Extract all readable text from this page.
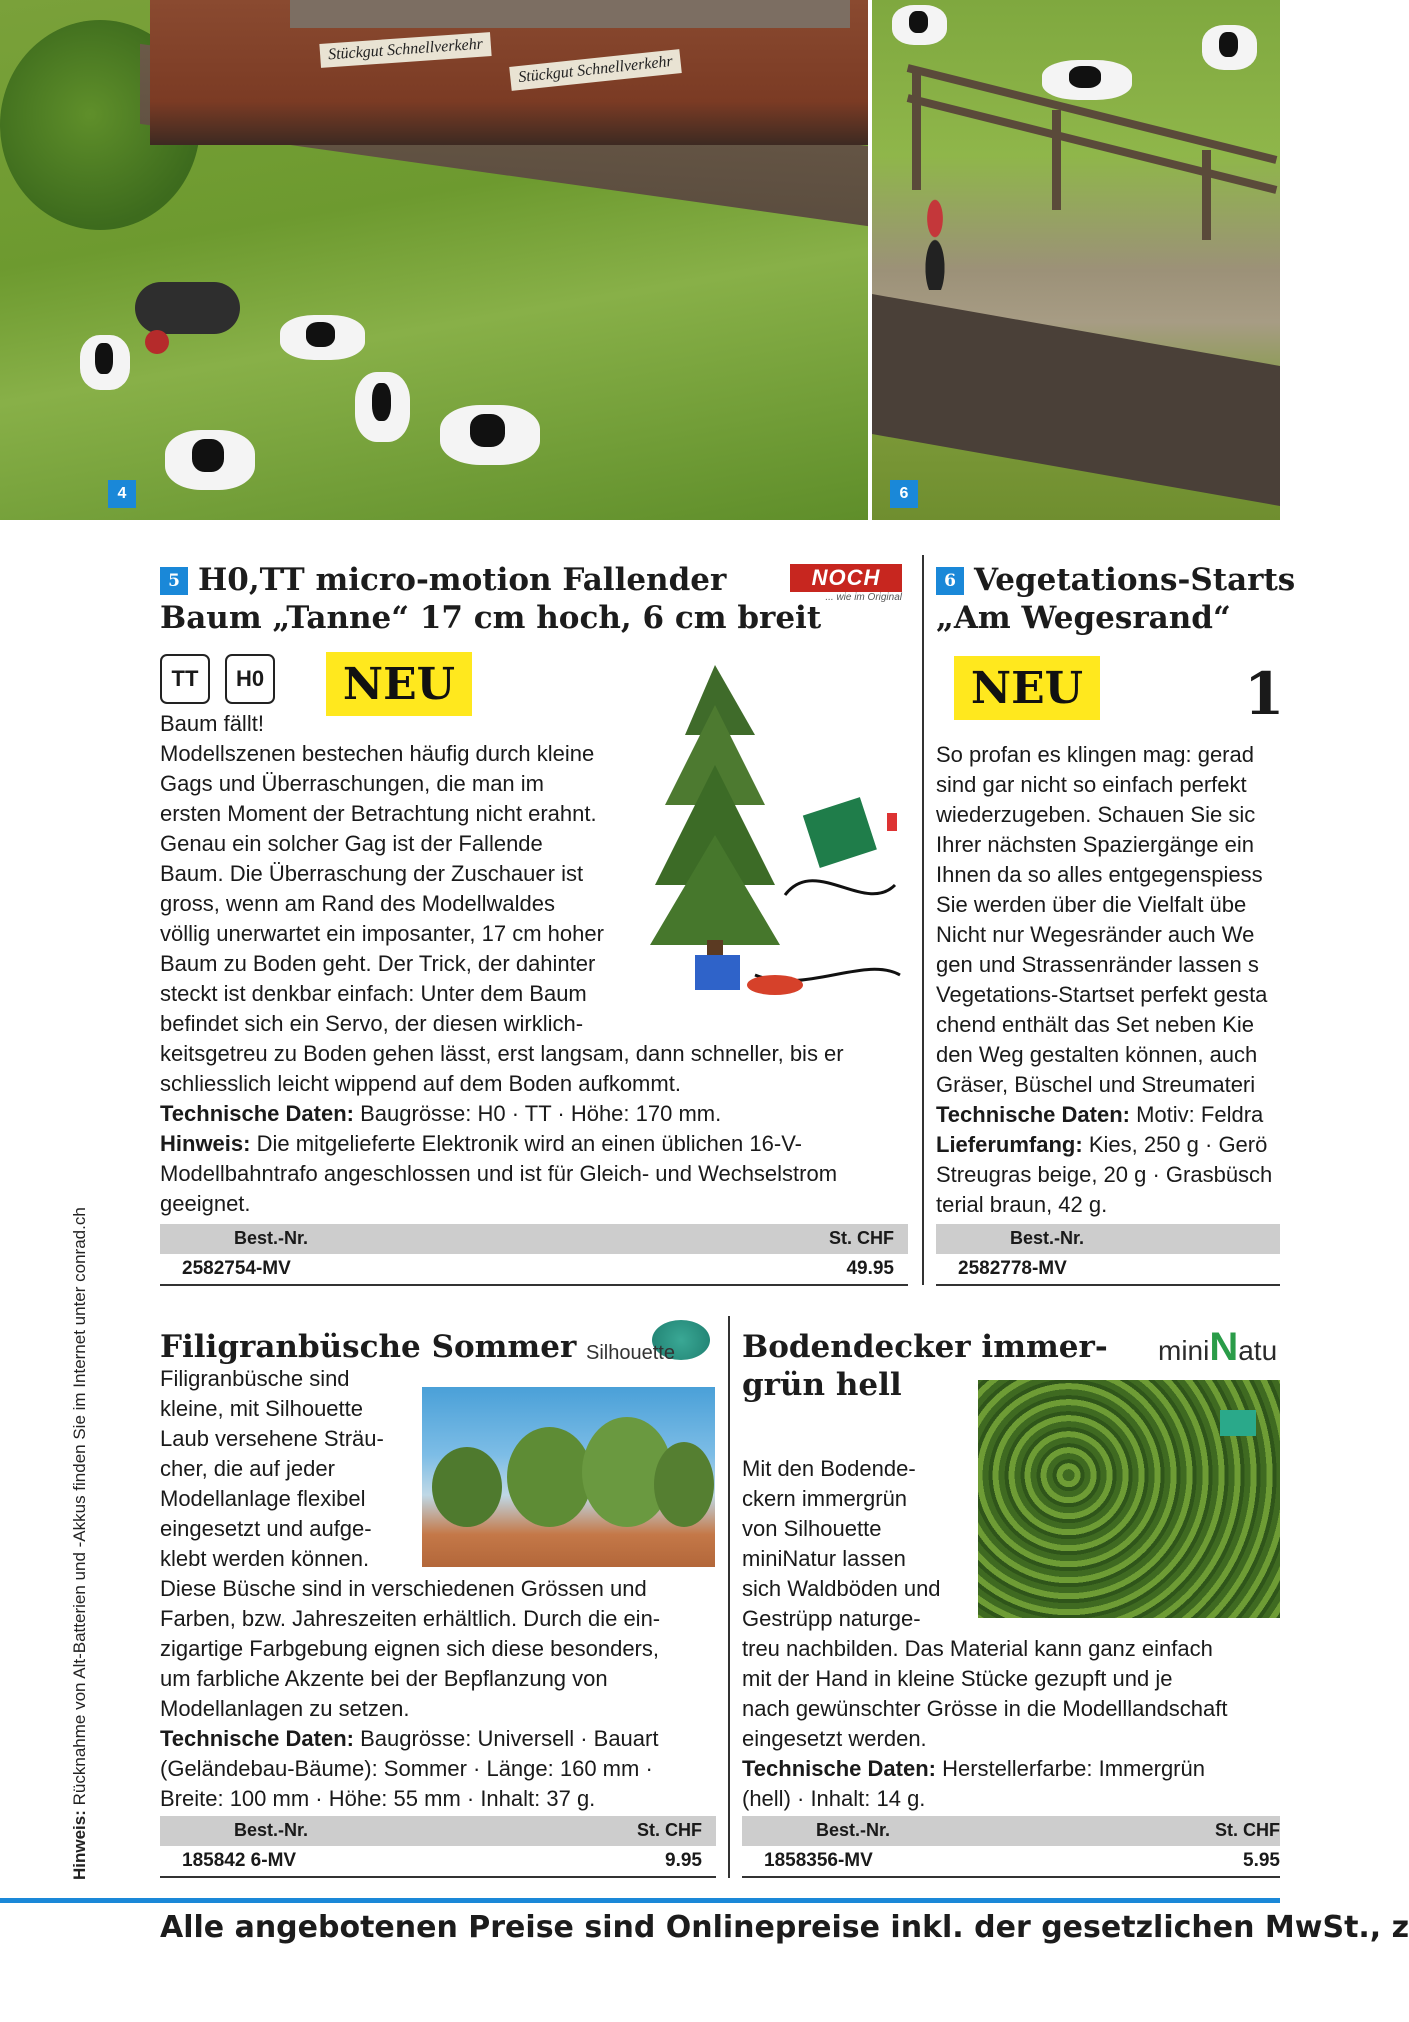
Stückgut Schnellverkehr
Stückgut Schnellverkehr
4	6
Hinweis: Rücknahme von Alt-Batterien und -Akkus finden Sie im Internet unter conrad.ch
5 H0,TT micro-motion Fallender
Baum „Tanne“ 17 cm hoch, 6 cm breit
NOCH
... wie im Original
TT	H0	NEU

Baum fällt!

Modellszenen bestechen häufig durch kleine

Gags und Überraschungen, die man im

ersten Moment der Betrachtung nicht erahnt.

Genau ein solcher Gag ist der Fallende

Baum. Die Überraschung der Zuschauer ist

gross, wenn am Rand des Modellwaldes

völlig unerwartet ein imposanter, 17 cm hoher

Baum zu Boden geht. Der Trick, der dahinter

steckt ist denkbar einfach: Unter dem Baum

befindet sich ein Servo, der diesen wirklich-

keitsgetreu zu Boden gehen lässt, erst langsam, dann schneller, bis er

schliesslich leicht wippend auf dem Boden aufkommt.

Technische Daten: Baugrösse: H0 · TT · Höhe: 170 mm.

Hinweis: Die mitgelieferte Elektronik wird an einen üblichen 16-V-

Modellbahntrafo angeschlossen und ist für Gleich- und Wechselstrom

geeignet.

Best.-Nr.	St. CHF
2582754-MV	49.95
6 Vegetations-Starts
„Am Wegesrand“
NEU	1

So profan es klingen mag: gerad

sind gar nicht so einfach perfekt

wiederzugeben. Schauen Sie sic

Ihrer nächsten Spaziergänge ein

Ihnen da so alles entgegenspiess

Sie werden über die Vielfalt übe

Nicht nur Wegesränder auch We

gen und Strassenränder lassen s

Vegetations-Startset perfekt gesta

chend enthält das Set neben Kie

den Weg gestalten können, auch

Gräser, Büschel und Streumateri

Technische Daten: Motiv: Feldra

Lieferumfang: Kies, 250 g · Gerö

Streugras beige, 20 g · Grasbüsch

terial braun, 42 g.

Best.-Nr.
2582778-MV
Filigranbüsche Sommer Silhouette

Filigranbüsche sind

kleine, mit Silhouette

Laub versehene Sträu-

cher, die auf jeder

Modellanlage flexibel

eingesetzt und aufge-

klebt werden können.

Diese Büsche sind in verschiedenen Grössen und

Farben, bzw. Jahreszeiten erhältlich. Durch die ein-

zigartige Farbgebung eignen sich diese besonders,

um farbliche Akzente bei der Bepflanzung von

Modellanlagen zu setzen.

Technische Daten: Baugrösse: Universell · Bauart

(Geländebau-Bäume): Sommer · Länge: 160 mm ·

Breite: 100 mm · Höhe: 55 mm · Inhalt: 37 g.

Best.-Nr.	St. CHF
185842 6-MV	9.95
Bodendecker immer-
grün hell
miniNatu

Mit den Bodende-

ckern immergrün

von Silhouette

miniNatur lassen

sich Waldböden und

Gestrüpp naturge-

treu nachbilden. Das Material kann ganz einfach

mit der Hand in kleine Stücke gezupft und je

nach gewünschter Grösse in die Modelllandschaft

eingesetzt werden.

Technische Daten: Herstellerfarbe: Immergrün

(hell) · Inhalt: 14 g.

Best.-Nr.	St. CHF
1858356-MV	5.95
Alle angebotenen Preise sind Onlinepreise inkl. der gesetzlichen MwSt., z
